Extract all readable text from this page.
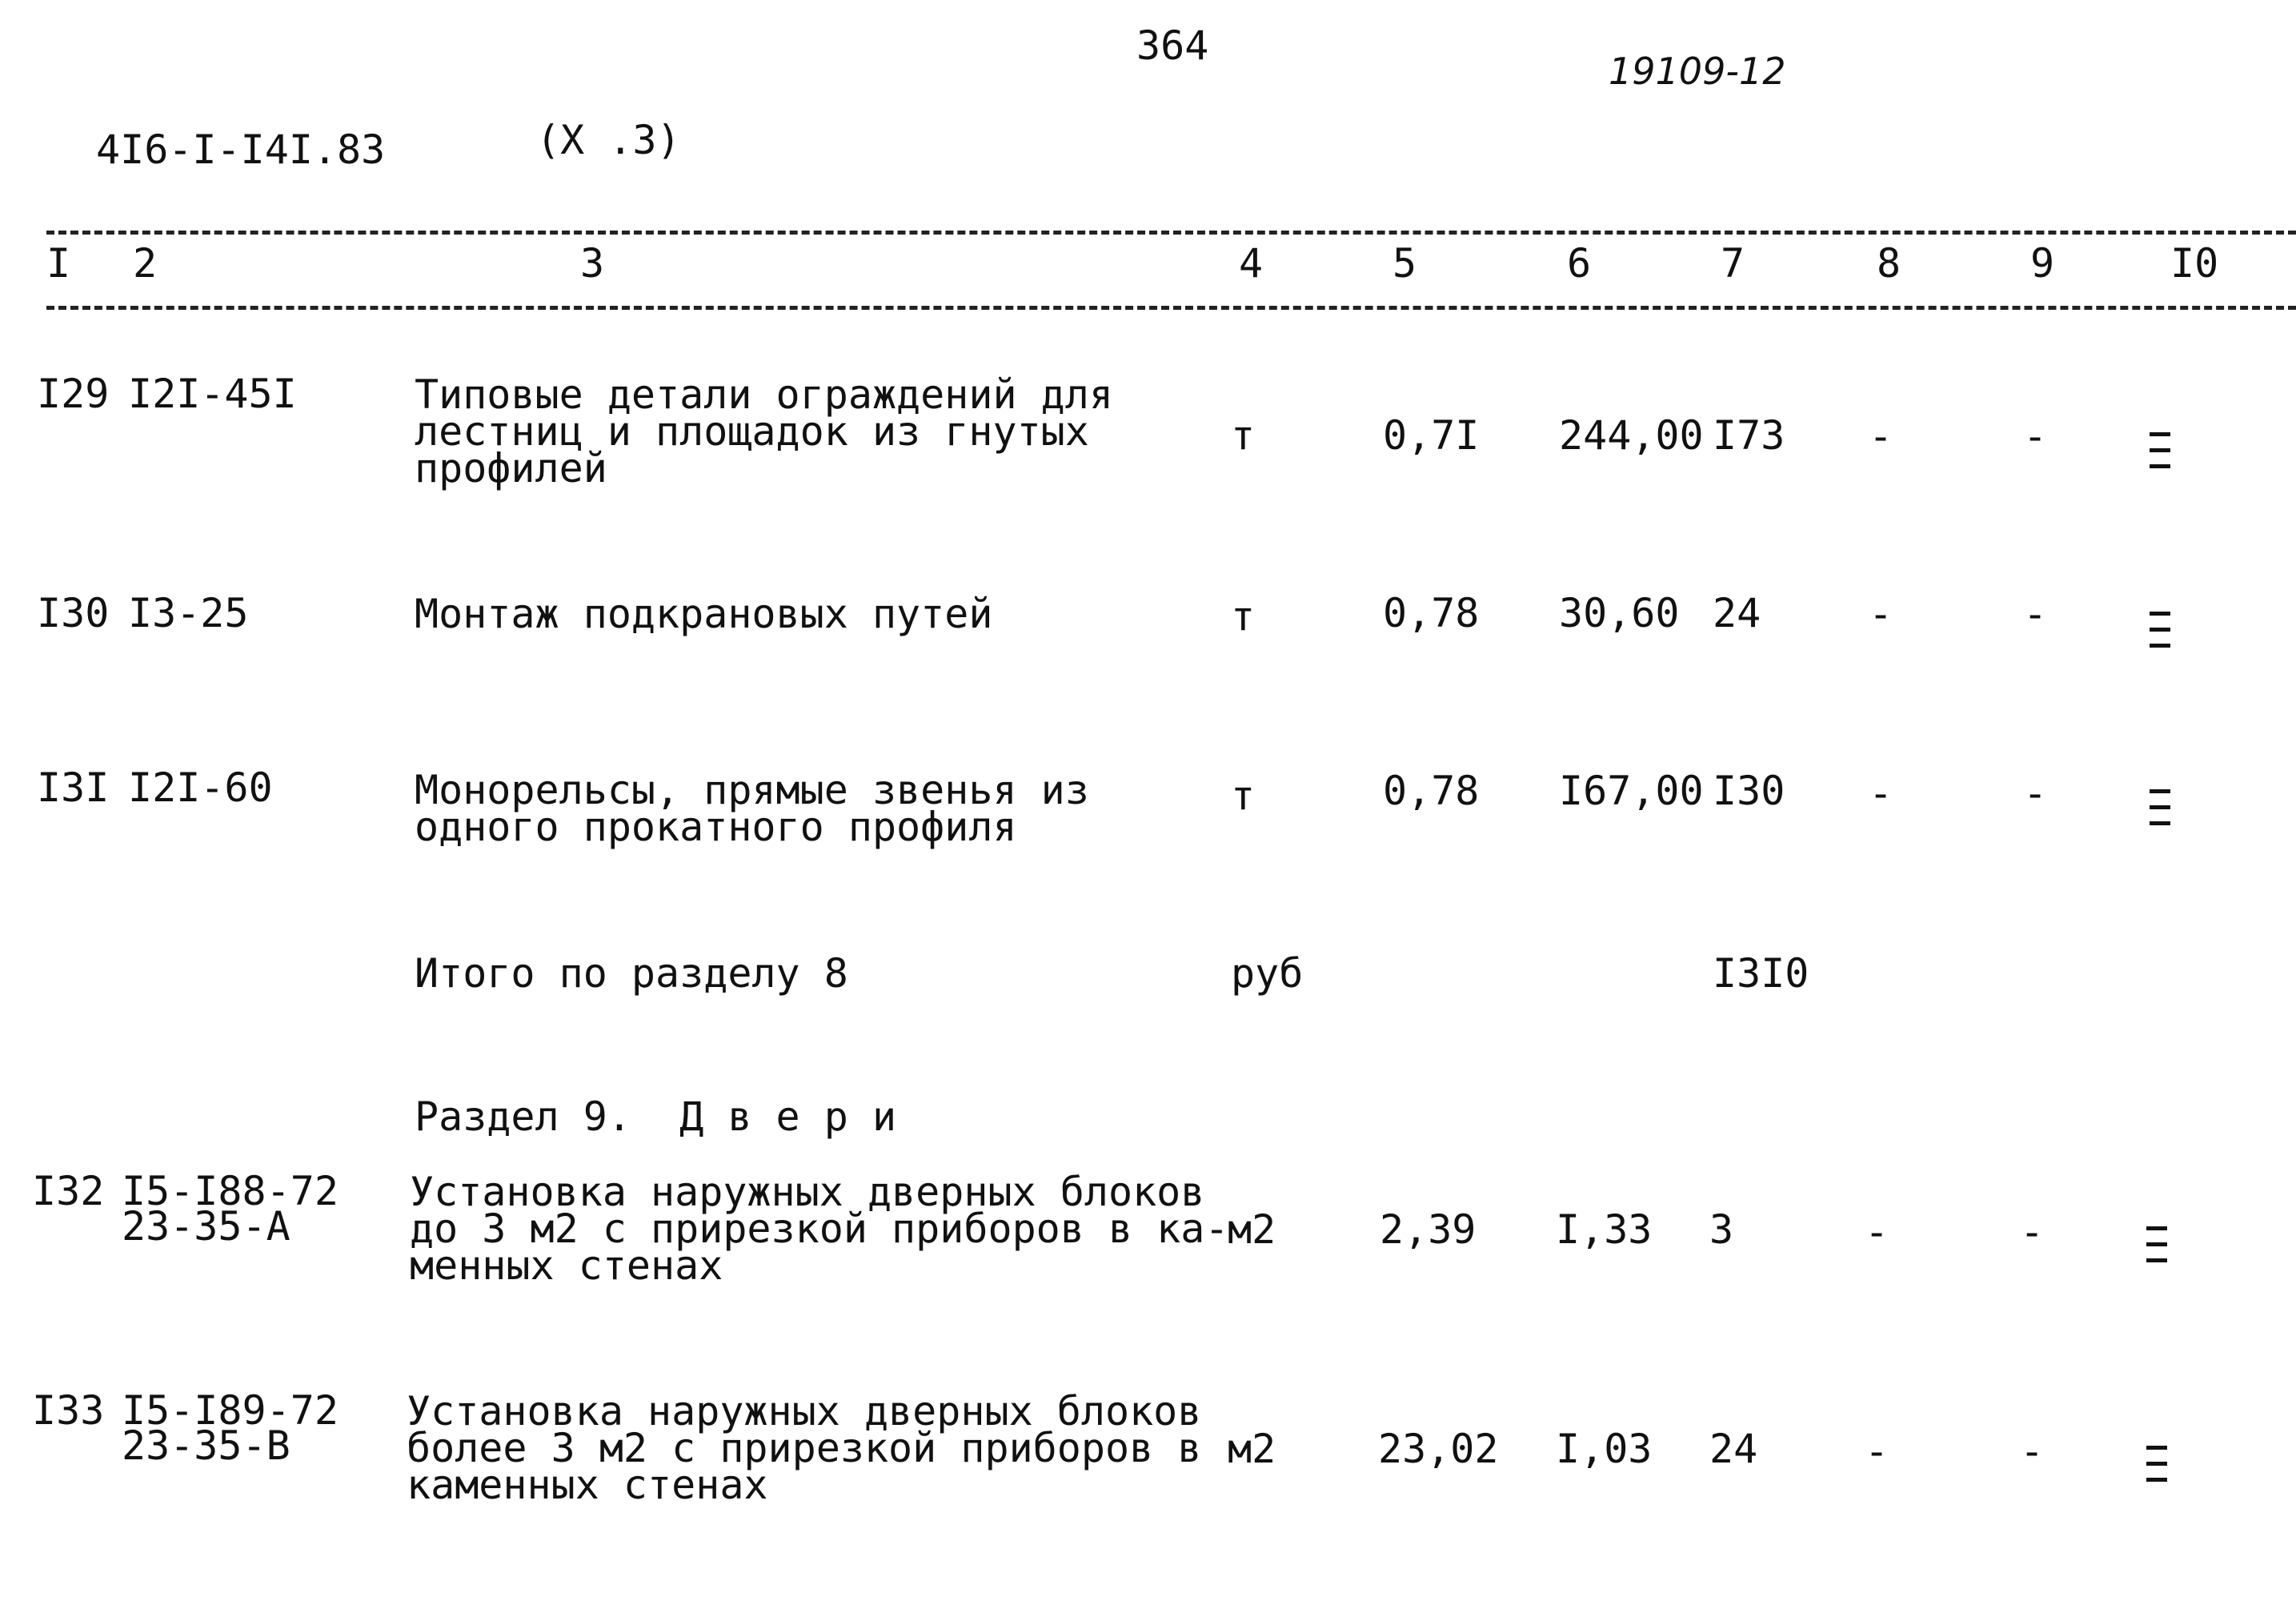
364
19109-12
4I6-I-I4I.83	(X .3)
I 2	3	4	5	6	7	8	9	I0
I29 I2I-45I	Типовые детали ограждений для
лестниц и площадок из гнутых
профилей
т	0,7I 244,00 I73 -	-
I30 I3-25	Монтаж подкрановых путей	т	0,78 30,60 24	-	-
I3I I2I-60	Монорельсы, прямые звенья из
одного прокатного профиля
т	0,78 I67,00 I30 -	-
Итого по разделу 8	руб	I3I0
Раздел 9.  Д в е р и
I32 I5-I88-72
23-35-А
Установка наружных дверных блоков
до 3 м2 с прирезкой приборов в ка-
менных стенах
м2	2,39 I,33 3	-	-
I33 I5-I89-72
23-35-В
Установка наружных дверных блоков
более 3 м2 с прирезкой приборов в
каменных стенах
м2	23,02 I,03 24	-	-
